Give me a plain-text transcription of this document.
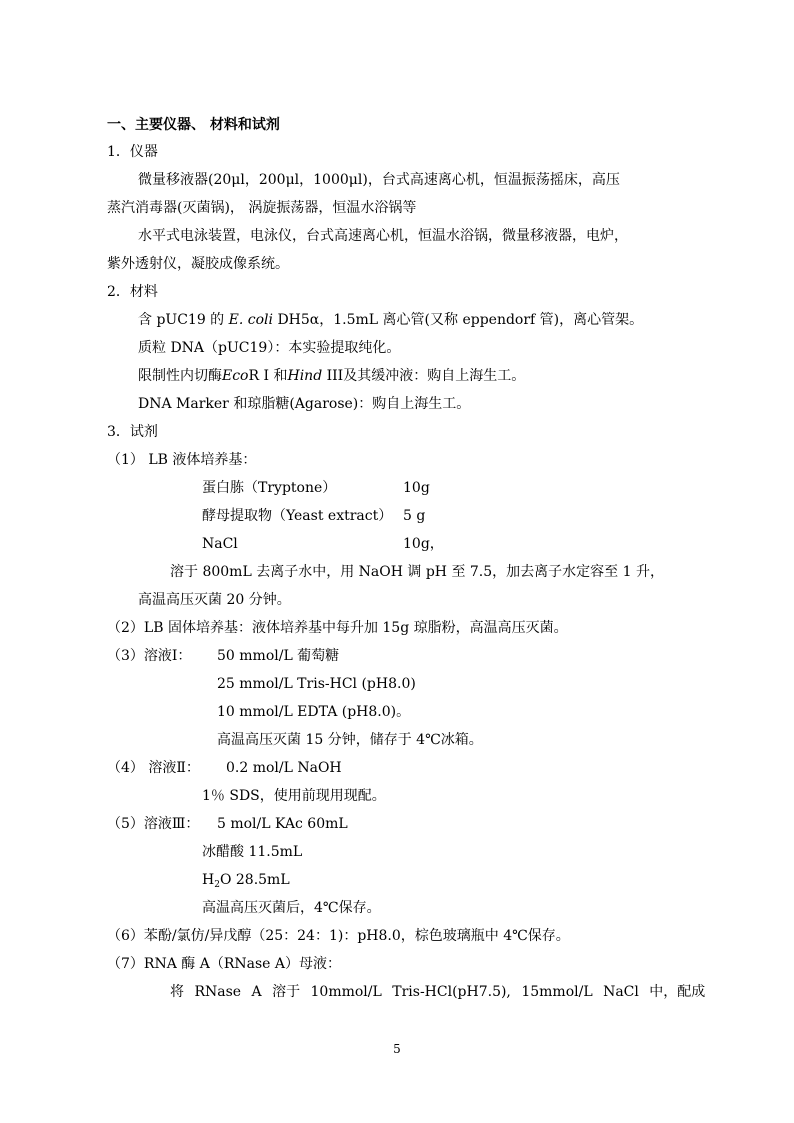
一、主要仪器、 材料和试剂
1．仪器
微量移液器(20μl，200μl，1000μl)，台式高速离心机，恒温振荡摇床，高压
蒸汽消毒器(灭菌锅)， 涡旋振荡器，恒温水浴锅等
水平式电泳装置，电泳仪，台式高速离心机，恒温水浴锅，微量移液器，电炉，
紫外透射仪，凝胶成像系统。
2．材料
含 pUC19 的 E. coli DH5α，1.5mL 离心管(又称 eppendorf 管)，离心管架。
质粒 DNA（pUC19）：本实验提取纯化。
限制性内切酶EcoR I 和Hind III及其缓冲液：购自上海生工。
DNA Marker 和琼脂糖(Agarose)：购自上海生工。
3．试剂
（1） LB 液体培养基：
蛋白胨（Tryptone）	10g
酵母提取物（Yeast extract） 5 g
NaCl	10g，
溶于 800mL 去离子水中，用 NaOH 调 pH 至 7.5，加去离子水定容至 1 升，
高温高压灭菌 20 分钟。
（2）LB 固体培养基：液体培养基中每升加 15g 琼脂粉，高温高压灭菌。
（3）溶液Ⅰ： 50 mmol/L 葡萄糖
25 mmol/L Tris-HCl (pH8.0)
10 mmol/L EDTA (pH8.0)。
高温高压灭菌 15 分钟，储存于 4℃冰箱。
（4） 溶液Ⅱ： 0.2 mol/L NaOH
1％ SDS，使用前现用现配。
（5）溶液Ⅲ： 5 mol/L KAc 60mL
冰醋酸 11.5mL
$H_2O$ 28.5mL
高温高压灭菌后，4℃保存。
（6）苯酚/氯仿/异戊醇（25：24：1)：pH8.0，棕色玻璃瓶中 4℃保存。
（7）RNA 酶 A（RNase A）母液：
将 RNase A 溶于 10mmol/L Tris-HCl(pH7.5), 15mmol/L NaCl 中，配成
5
